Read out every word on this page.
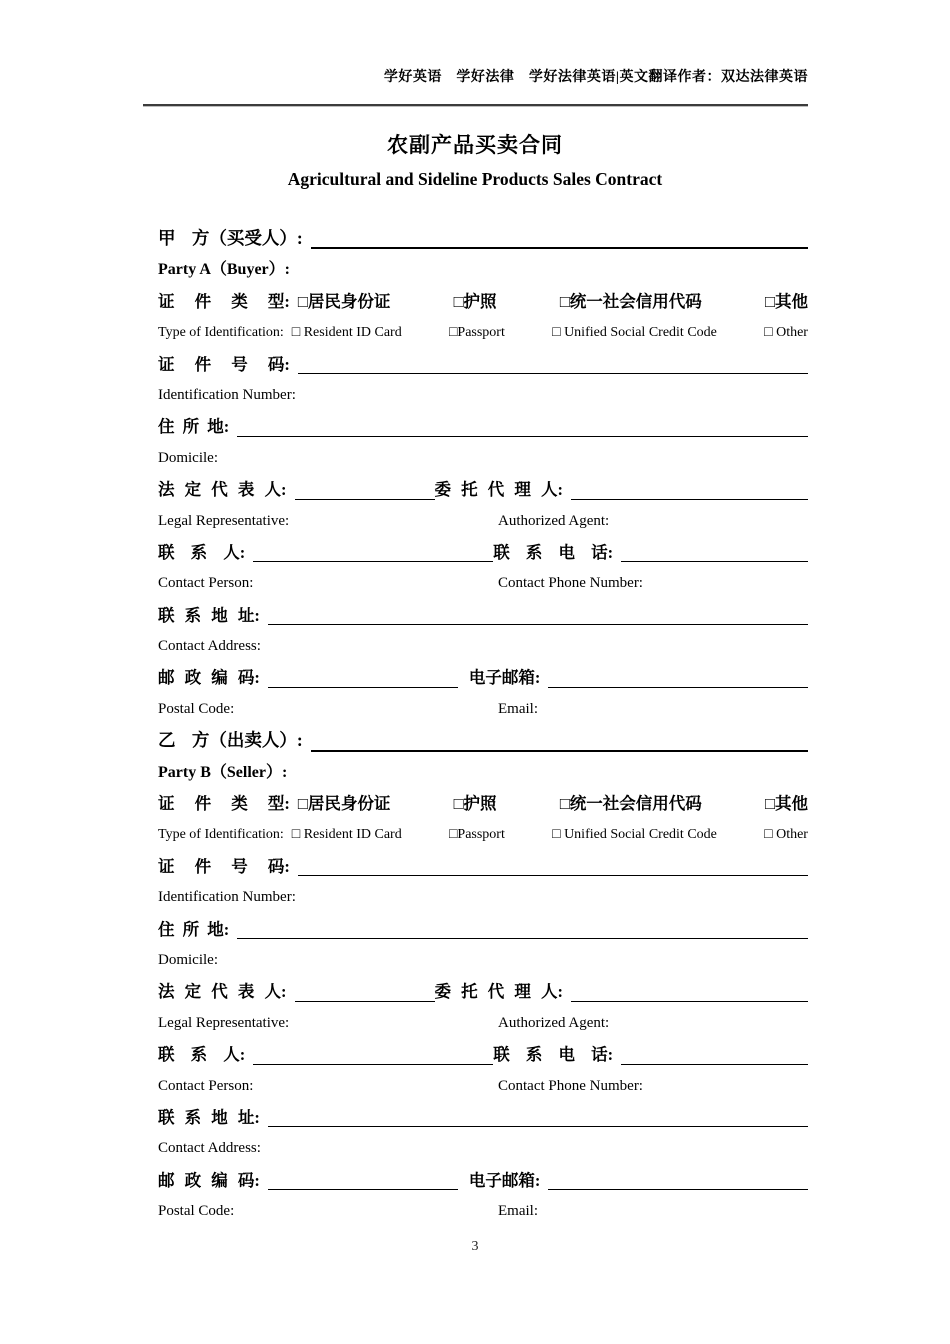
学好英语　学好法律　学好法律英语|英文翻译作者：双达法律英语
农副产品买卖合同
Agricultural and Sideline Products Sales Contract
甲 方（买受人）:
Party A（Buyer）:
证 件 类 型: □居民身份证	□护照	□统一社会信用代码	□其他
Type of Identification: □ Resident ID Card	□Passport	□ Unified Social Credit Code	□ Other
证 件 号 码:
Identification Number:
住 所 地:
Domicile:
法 定 代 表 人:	委 托 代 理 人:
Legal Representative:	Authorized Agent:
联 系 人:	联 系 电 话:
Contact Person:	Contact Phone Number:
联 系 地 址:
Contact Address:
邮 政 编 码:	电子邮箱:
Postal Code:	Email:
乙 方（出卖人）:
Party B（Seller）:
证 件 类 型: □居民身份证	□护照	□统一社会信用代码	□其他
Type of Identification: □ Resident ID Card	□Passport	□ Unified Social Credit Code	□ Other
证 件 号 码:
Identification Number:
住 所 地:
Domicile:
法 定 代 表 人:	委 托 代 理 人:
Legal Representative:	Authorized Agent:
联 系 人:	联 系 电 话:
Contact Person:	Contact Phone Number:
联 系 地 址:
Contact Address:
邮 政 编 码:	电子邮箱:
Postal Code:	Email:
3
